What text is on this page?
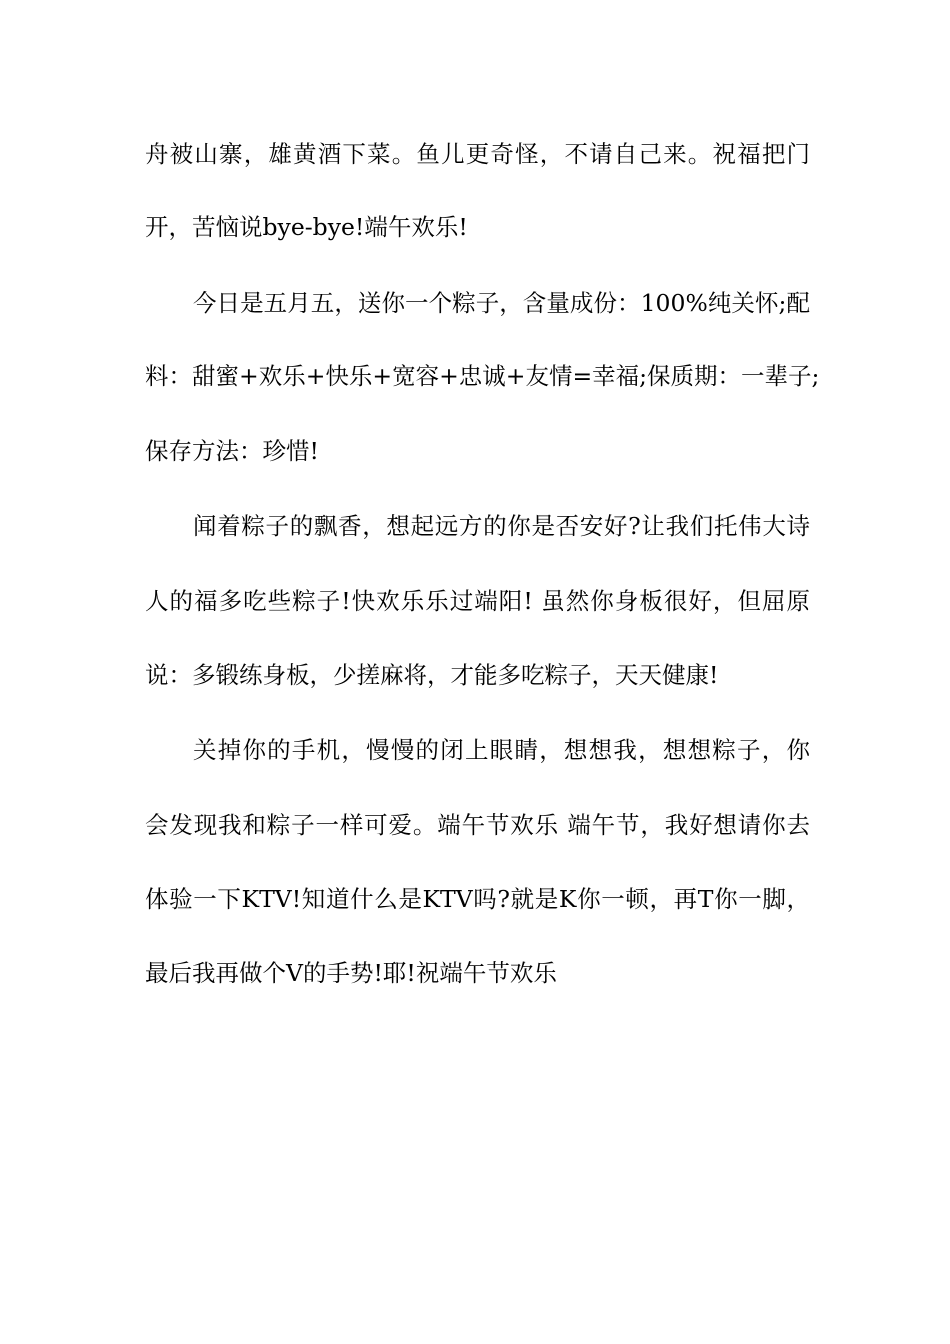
舟被山寨，雄黄酒下菜。鱼儿更奇怪，不请自己来。祝福把门
开，苦恼说bye-bye!端午欢乐!
今日是五月五，送你一个粽子，含量成份：100%纯关怀;配
料：甜蜜+欢乐+快乐+宽容+忠诚+友情=幸福;保质期：一辈子;
保存方法：珍惜!
闻着粽子的飘香，想起远方的你是否安好?让我们托伟大诗
人的福多吃些粽子!快欢乐乐过端阳! 虽然你身板很好，但屈原
说：多锻练身板，少搓麻将，才能多吃粽子，天天健康!
关掉你的手机，慢慢的闭上眼睛，想想我，想想粽子，你
会发现我和粽子一样可爱。端午节欢乐 端午节，我好想请你去
体验一下KTV!知道什么是KTV吗?就是K你一顿，再T你一脚，
最后我再做个V的手势!耶!祝端午节欢乐
